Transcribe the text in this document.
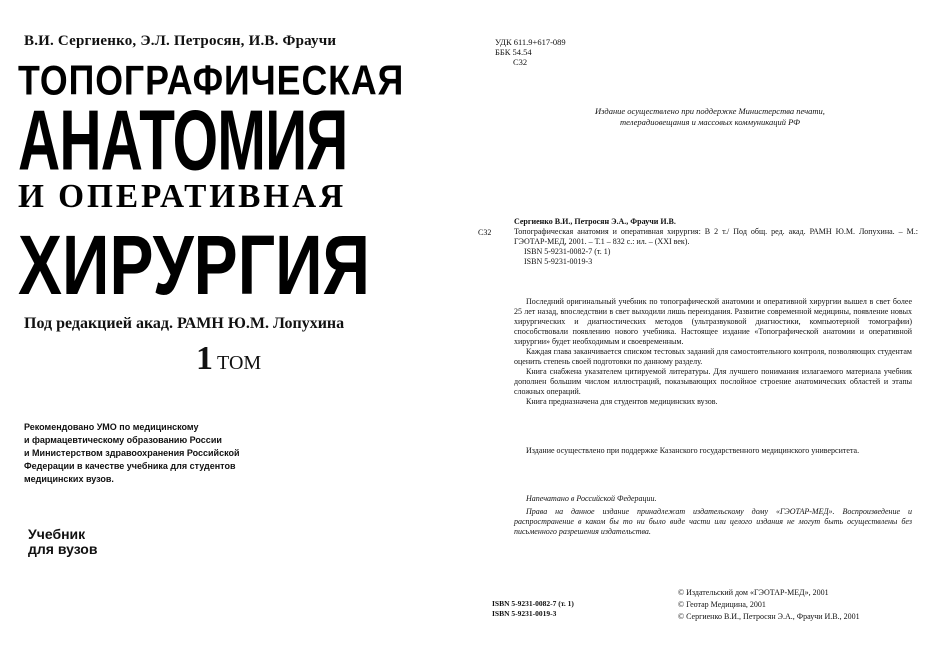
В.И. Сергиенко, Э.Л. Петросян, И.В. Фраучи
ТОПОГРАФИЧЕСКАЯ
АНАТОМИЯ
И ОПЕРАТИВНАЯ
ХИРУРГИЯ
Под редакцией акад. РАМН Ю.М. Лопухина
1 ТОМ
Рекомендовано УМО по медицинскому
и фармацевтическому образованию России
и Министерством здравоохранения Российской
Федерации в качестве учебника для студентов
медицинских вузов.
Учебник
для вузов
УДК 611.9+617-089
ББК 54.54
С32
Издание осуществлено при поддержке Министерства печати, телерадиовещания и массовых коммуникаций РФ
Сергиенко В.И., Петросян Э.А., Фраучи И.В.
С32	Топографическая анатомия и оперативная хирургия: В 2 т./ Под общ. ред. акад. РАМН Ю.М. Лопухина. – М.: ГЭОТАР-МЕД, 2001. – Т.1 – 832 с.: ил. – (XXI век).
ISBN 5-9231-0082-7 (т. 1)
ISBN 5-9231-0019-3

Последний оригинальный учебник по топографической анатомии и оперативной хирургии вышел в свет более 25 лет назад, впоследствии в свет выходили лишь переиздания. Развитие современной медицины, появление новых хирургических и диагностических методов (ультразвуковой диагностики, компьютерной томографии) способствовали появлению нового учебника. Настоящее издание «Топографической анатомии и оперативной хирургии» будет необходимым и своевременным.

Каждая глава заканчивается списком тестовых заданий для самостоятельного контроля, позволяющих студентам оценить степень своей подготовки по данному разделу.

Книга снабжена указателем цитируемой литературы. Для лучшего понимания излагаемого материала учебник дополнен большим числом иллюстраций, показывающих послойное строение анатомических областей и этапы сложных операций.

Книга предназначена для студентов медицинских вузов.

Издание осуществлено при поддержке Казанского государственного медицинского университета.
Напечатано в Российской Федерации.
Права на данное издание принадлежат издательскому дому «ГЭОТАР-МЕД». Воспроизведение и распространение в каком бы то ни было виде части или целого издания не могут быть осуществлены без письменного разрешения издательства.
ISBN 5-9231-0082-7 (т. 1)
ISBN 5-9231-0019-3
© Издательский дом «ГЭОТАР-МЕД», 2001
© Геотар Медицина, 2001
© Сергиенко В.И., Петросян Э.А., Фраучи И.В., 2001
